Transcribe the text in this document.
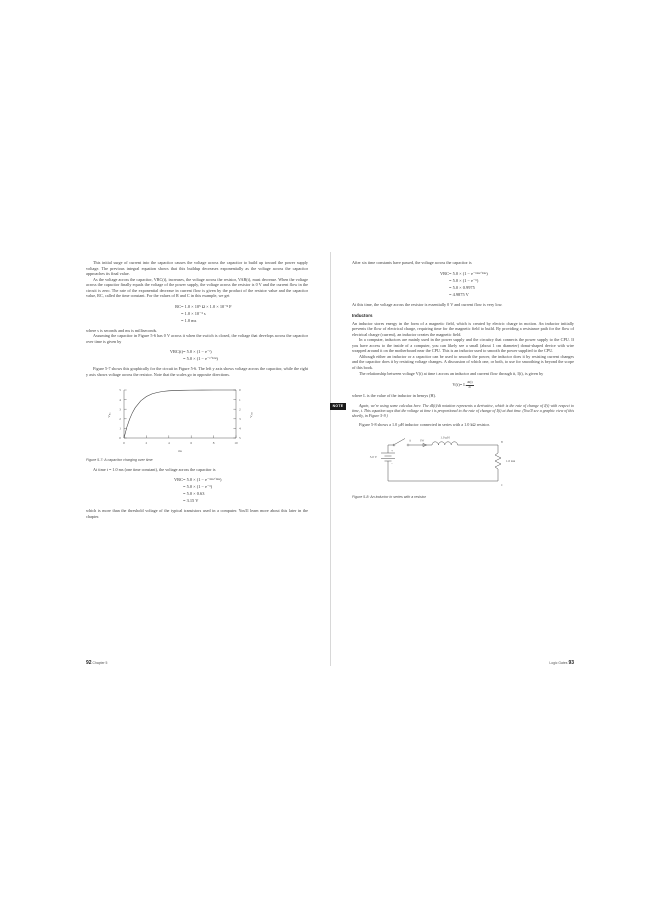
This initial surge of current into the capacitor causes the voltage across the capacitor to build up toward the power supply voltage. The previous integral equation shows that this buildup decreases exponentially as the voltage across the capacitor approaches its final value.

As the voltage across the capacitor, VRC(t), increases, the voltage across the resistor, VAB(t), must decrease. When the voltage across the capacitor finally equals the voltage of the power supply, the voltage across the resistor is 0 V and the current flow in the circuit is zero. The rate of the exponential decrease in current flow is given by the product of the resistor value and the capacitor value, RC, called the time constant. For the values of R and C in this example, we get

RC= 1.0 × 10⁵ Ω × 1.0 × 10⁻⁸ F
= 1.0 × 10⁻³ s
= 1.0 ms

where s is seconds and ms is milliseconds.

Assuming the capacitor in Figure 5-6 has 0 V across it when the switch is closed, the voltage that develops across the capacitor over time is given by

VRC(t)= 5.0 × (1 − e⁻ᵗ)
= 5.0 × (1 − e⁻ᵗᐟ¹ᵐˢ)

Figure 5-7 shows this graphically for the circuit in Figure 5-6. The left y axis shows voltage across the capacitor, while the right y axis shows voltage across the resistor. Note that the scales go in opposite directions.

0	2	4	6	8	10
ms
0
1
2
3
4
5
$V_{RC}$
0
1
2
3
4
5
$V_{AB}$
Figure 5-7: A capacitor charging over time

At time t = 1.0 ms (one time constant), the voltage across the capacitor is

VRC= 5.0 × (1 − e⁻¹ᵐˢᐟ¹ᵐˢ)
= 5.0 × (1 − e⁻¹)
= 5.0 × 0.63
= 3.15 V

which is more than the threshold voltage of the typical transistors used in a computer. You'll learn more about this later in the chapter.

92 Chapter 5

After six time constants have passed, the voltage across the capacitor is

VRC= 5.0 × (1 − e⁻⁶ᵐˢᐟ¹ᵐˢ)
= 5.0 × (1 − e⁻⁶)
= 5.0 × 0.9975
= 4.9875 V

At this time, the voltage across the resistor is essentially 0 V and current flow is very low.

Inductors

An inductor stores energy in the form of a magnetic field, which is created by electric charge in motion. An inductor initially prevents the flow of electrical charge, requiring time for the magnetic field to build. By providing a resistance path for the flow of electrical charge (current), an inductor creates the magnetic field.

In a computer, inductors are mainly used in the power supply and the circuitry that connects the power supply to the CPU. If you have access to the inside of a computer, you can likely see a small (about 1 cm diameter) donut-shaped device with wire wrapped around it on the motherboard near the CPU. This is an inductor used to smooth the power supplied to the CPU.

Although either an inductor or a capacitor can be used to smooth the power, the inductor does it by resisting current changes and the capacitor does it by resisting voltage changes. A discussion of which one, or both, to use for smoothing is beyond the scope of this book.

The relationship between voltage V(t) at time t across an inductor and current flow through it, I(t), is given by

V(t)= L $\frac{dI(t)}{dt}$

where L is the value of the inductor in henrys (H).

NOTE	Again, we're using some calculus here. The dI(t)/dt notation represents a derivative, which is the rate of change of I(t) with respect to time, t. This equation says that the voltage at time t is proportional to the rate of change of I(t) at that time. (You'll see a graphic view of this shortly, in Figure 5-9.)

Figure 5-8 shows a 1.0 µH inductor connected in series with a 1.0 kΩ resistor.

+
−
5.0 V
A	SW
1.0 µH
B
1.0 kΩ
C
Figure 5-8: An inductor in series with a resistor
Logic Gates 93
